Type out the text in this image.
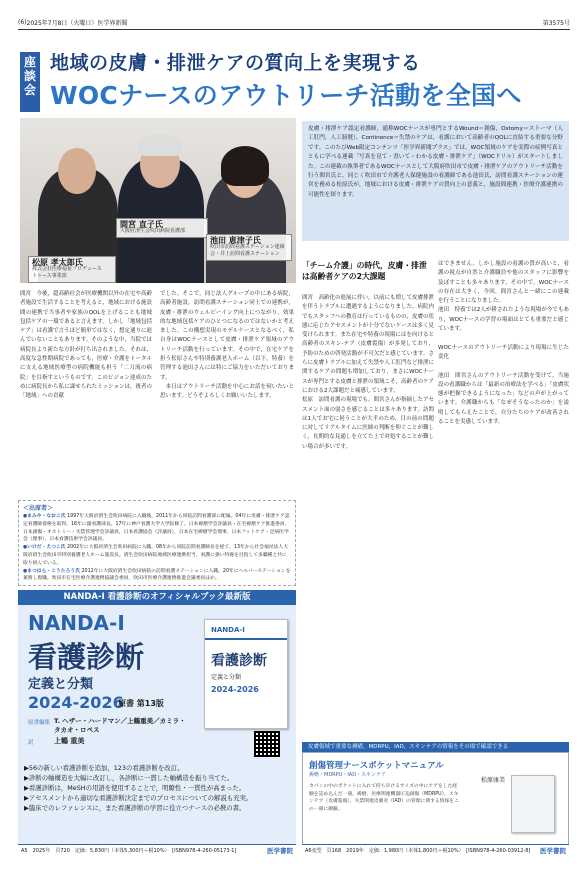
(6) 2025年7月8日（火曜日） 医学界新聞	第3575号
座
談
会
地域の皮膚・排泄ケアの質向上を実現する
WOCナースのアウトリーチ活動を全国へ
松原 孝太郎氏
株式会社医療福祉プロデュース
トゥース事業部
間宮 直子氏
大阪府済生会吹田病院看護部
池田 恵津子氏
吹田市訪問看護ステーション連絡
会・井上訪問看護ステーション
皮膚・排泄ケア認定看護師，通称WOCナースが専門とするWound＝創傷，Ostomy＝ストーマ（人工肛門，人工膀胱），Continence＝失禁のケアは，看護において高齢者のQOLに直結する重要な分野です。このたびWeb限定コンテンツ「医学界新聞プラス」では，WOC領域のケアを実際の症例写真とともに学べる連載「写真を見て・書いて・わかる皮膚・排泄ケア」（WOCドリル）がスタートしました。この連載の執筆者であるWOCナースとして大阪府吹田市で皮膚・排泄ケアのアウトリーチ活動を行う間宮氏と，同じく吹田市で介護老人保健施設の看護師である池田氏，訪問看護ステーションの運営を務める松原氏が，地域における皮膚・排泄ケアの質向上の意義と，施設間連携・医療介護連携の可能性を探ります。
間宮　今後，超高齢社会が医療機関以外の在宅や高齢者施設で生活することを考えると，地域における施設間の連携で当事者や家族のQOLを上げることも地域包括ケアの一環であると言えます。しかし「地域包括ケア」は看護で言うほど簡単ではなく，想定通りに進んでいないこともあります。そのような中，当院では病院長より新たな方針が打ち出されました。それは，高度な急性期病院であっても，医療・介護をトータルに支える地域医療型の病院機能も担う「二刀流の病院」を目指すというものです。このビジョン達成のために病院長から私に課せられたミッションは，後者の「地域」への貢献
でした。そこで，同じ法人グループの中にある病院，高齢者施設，訪問看護ステーション同士での連携が，皮膚・排泄のウェルビーイング向上につながり，効果的な地域包括ケアのひとつになるのではないかと考えました。この構想実現のモデルケースとなるべく，私自身はWOCナースとして皮膚・排泄ケア領域のアウトリーチ活動を行っています。その中で，在宅ケアを担う松原さんや特別養護老人ホーム（以下，特養）を管理する池田さんには特にご協力をいただいております。
　本日はアウトリーチ活動を中心にお話を伺いたいと思います。どうぞよろしくお願いいたします。
＜出席者＞
●まみや・なおこ氏 1997年大阪府済生会吹田病院に入職後，2011年から同院訪問看護部に配属。04年に皮膚・排泄ケア認定看護師資格を取得。16年に副看護部長。17年に神戸看護大学大学院修了。日本褥瘡学会評議員・在宅褥瘡ケア推進委員，日本創傷・オストミー・失禁管理学会評議員，日本看護協会（評議員），日本在宅褥瘡学会理事，日本フットケア・足病医学会（理事），日本看護技術学会評議員。
●いけだ・えつこ氏 2002年に大阪府済生会吹田病院に入職。08年から同院訪問看護師長を経て，13年から社会福祉法人大阪府済生会吹田市特別養護老人ホーム施設長。済生会吹田病院地域医療連携担当，看護に強い特養を目指して多職種と共に取り組んでいる。
●まつはら・こうたろう氏 2012年に大阪府済生会吹田病院の訪問看護ステーションに入職。20年にヘルパーステーションを兼務し現職。吹田市在宅医療介護連携協議会委員，吹田市医療介護連携推進会議委員ほか。
「チーム介護」の時代，皮膚・排泄は高齢者ケアの2大課題
間宮　高齢化の進展に伴い，以前にも増して皮膚排泄を伴うトラブルに遭遇するようになりました。病院内でもスタッフへの教育は行っているものの，皮膚の状態に応じたアセスメントが十分でないケースは多く見受けられます。また在宅や特養の現場にはを向けると高齢者のスキン-テア（皮膚裂傷）が多発しており，予防のための啓発活動が不可欠だと感じています。さらに皮膚トラブルに加えて失禁や人工肛門など排泄に関するケアの問題も増加しており，まさにWOCナースが専門とする皮膚と排泄の領域こそ，高齢者のケアにおける2大課題だと痛感しています。
松原　訪問看護の現場でも，間宮さんが指摘したアセスメント面の弱さを感じることは多々あります。訪問は1人でお宅に伺うことが大半のため，目の前の問題に対してリアルタイムに医師の判断を仰ぐことが難しく，長期的な見通しを立てた上で対処することが難しい場合が多いです。
はできません。しかし施設の看護の質が高いと，看護の視点が自然と介護職員や他のスタッフに影響を及ぼすことも多々あります。その中で，WOCナースの存在は大きく，今回，間宮さんと一緒にこの連載を行うことになりました。
池田　特養では2人が耕されたような現場が今でもあり，WOCナースの学習の場面はとても重要だと感じています。

WOCナースのアウトリーチ活動により現場に生じた変化

池田　間宮さんのアウトリーチ活動を受けて，当施設の看護職からは「最新の治療法を学べる」「皮膚状態が把握できるようになった」などの声が上がっています。介護職からも「なぜそうなったのか」を説明してもらえたことで，自分たちのケアが改善されることを実感しています。
NANDA-I 看護診断のオフィシャルブック最新版
NANDA-I
看護診断
定義と分類
2024-2026
原書 第13版
原書編集 T. ヘザー・ハードマン／上鶴重美／カミラ・タカオ・ロペス
訳	上鶴 重美
NANDA-I
看護診断
定義と分類
2024-2026
▶56の新しい看護診断を追加，123の看護診断を改訂。
▶診断の軸構造を大幅に改訂し，各診断に一貫した軸構造を振り当てた。
▶看護診断は，MeSHの用語を使用することで，明瞭性・一貫性が高まった。
▶アセスメントから適切な看護診断決定までのプロセスについての解説も充実。
▶臨床でのレファレンスに，また看護診断の学習に役立つナースの必携の書。
A5　2025年　頁720　定価：5,830円（本体5,300円＋税10%）　[ISBN978-4-260-05173-1]	医学書院
皮膚領域で重要な褥瘡，MDRPU，IAD，スキンテアの情報をその場で確認できる
創傷管理ナースポケットマニュアル
褥瘡・MDRPU・IAD・スキンテア
松原康美
カバンの中のポケットに入れて持ち歩けるサイズの中にケアをした経験を詰め込んだ一冊。褥瘡，医療関連機器圧迫創傷（MDRPU），スキンテア（皮膚裂傷），失禁関連皮膚炎（IAD）の管理に関する情報をこの一冊に網羅。
A6変型　頁168　2019年　定価：1,980円（本体1,800円＋税10%）　[ISBN978-4-260-03912-8] 医学書院
